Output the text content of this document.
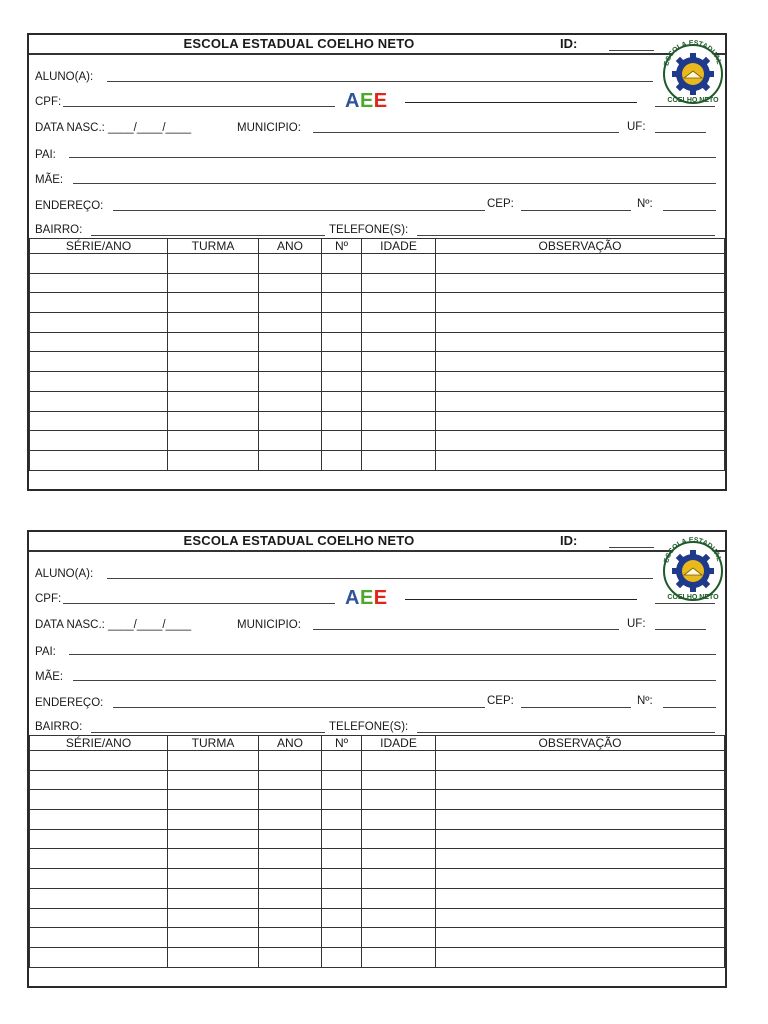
ESCOLA ESTADUAL COELHO NETO	ID:
ESCOLA ESTADUAL
COELHO NETO
ALUNO(A):
CPF:	AEE
DATA NASC.: ____/____/____	MUNICIPIO:	UF:
PAI:
MÃE:
ENDEREÇO:	CEP:	Nº:
BAIRRO:	TELEFONE(S):
SÉRIE/ANO	TURMA	ANO	Nº	IDADE	OBSERVAÇÃO

ESCOLA ESTADUAL COELHO NETO	ID:
ESCOLA ESTADUAL
COELHO NETO
ALUNO(A):
CPF:	AEE
DATA NASC.: ____/____/____	MUNICIPIO:	UF:
PAI:
MÃE:
ENDEREÇO:	CEP:	Nº:
BAIRRO:	TELEFONE(S):
SÉRIE/ANO	TURMA	ANO	Nº	IDADE	OBSERVAÇÃO
